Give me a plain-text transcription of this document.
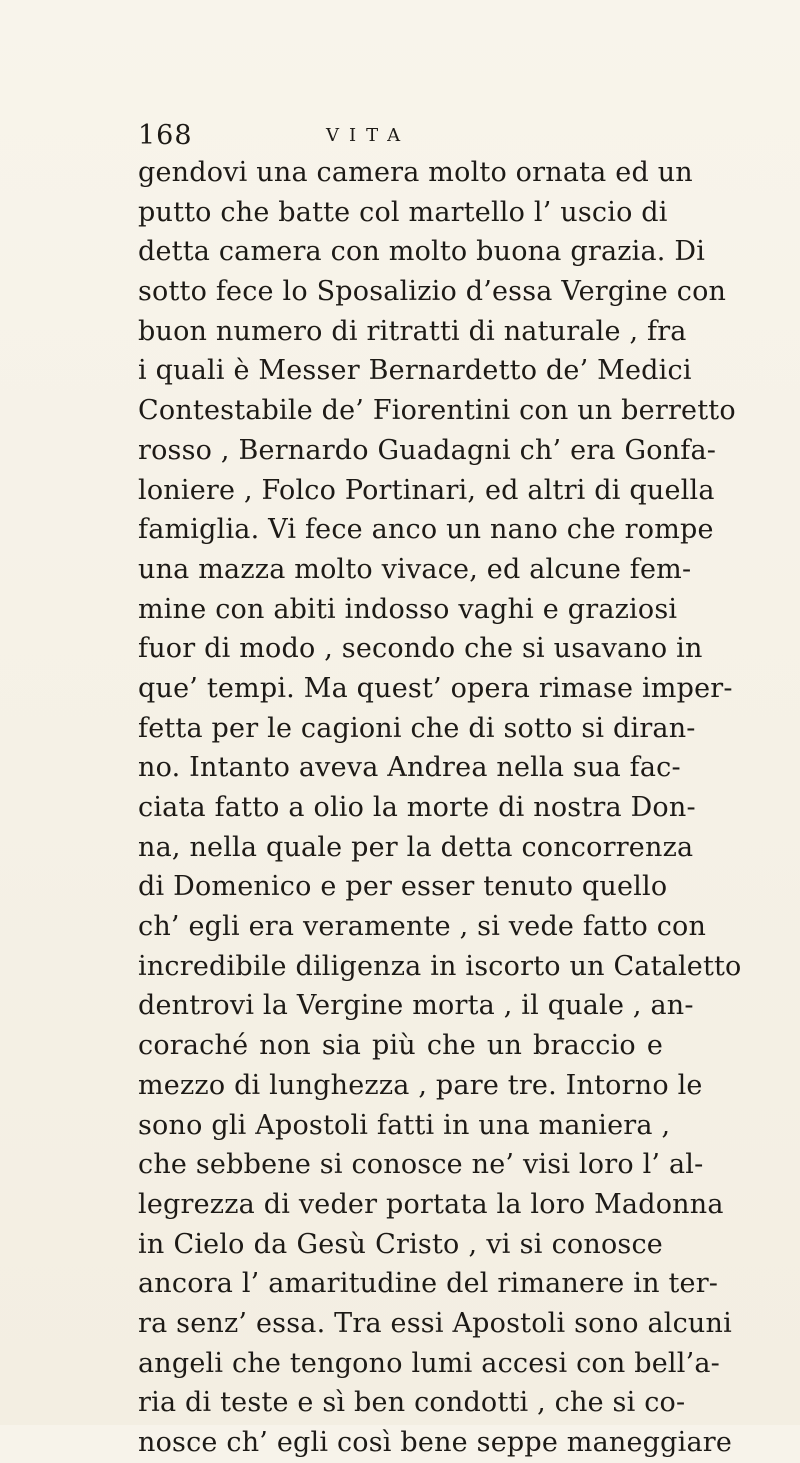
168	VITA
gendovi una camera molto ornata ed un
putto che batte col martello l’ uscio di
detta camera con molto buona grazia. Di
sotto fece lo Sposalizio d’essa Vergine con
buon numero di ritratti di naturale , fra
i quali è Messer Bernardetto de’ Medici
Contestabile de’ Fiorentini con un berretto
rosso , Bernardo Guadagni ch’ era Gonfa-
loniere , Folco Portinari, ed altri di quella
famiglia. Vi fece anco un nano che rompe
una mazza molto vivace, ed alcune fem-
mine con abiti indosso vaghi e graziosi
fuor di modo , secondo che si usavano in
que’ tempi. Ma quest’ opera rimase imper-
fetta per le cagioni che di sotto si diran-
no. Intanto aveva Andrea nella sua fac-
ciata fatto a olio la morte di nostra Don-
na, nella quale per la detta concorrenza
di Domenico e per esser tenuto quello
ch’ egli era veramente , si vede fatto con
incredibile diligenza in iscorto un Cataletto
dentrovi la Vergine morta , il quale , an-
coraché non sia più che un braccio e
mezzo di lunghezza , pare tre. Intorno le
sono gli Apostoli fatti in una maniera ,
che sebbene si conosce ne’ visi loro l’ al-
legrezza di veder portata la loro Madonna
in Cielo da Gesù Cristo , vi si conosce
ancora l’ amaritudine del rimanere in ter-
ra senz’ essa. Tra essi Apostoli sono alcuni
angeli che tengono lumi accesi con bell’a-
ria di teste e sì ben condotti , che si co-
nosce ch’ egli così bene seppe maneggiare
